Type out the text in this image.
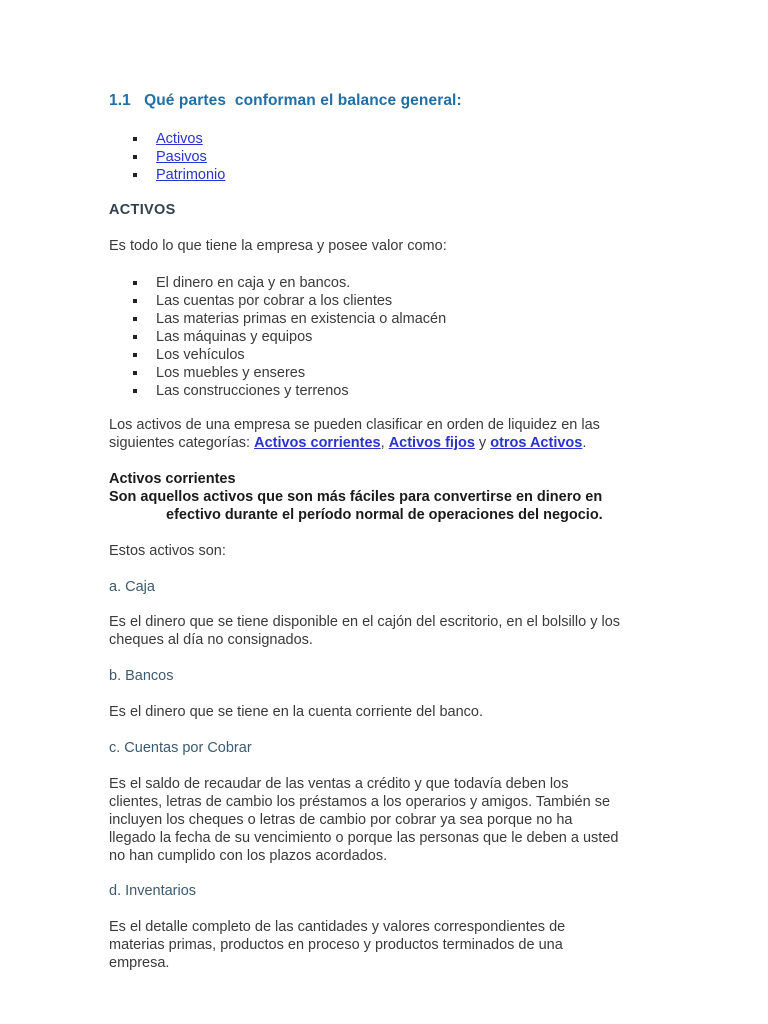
1.1   Qué partes  conforman el balance general:
Activos
Pasivos
Patrimonio
ACTIVOS
Es todo lo que tiene la empresa y posee valor como:
El dinero en caja y en bancos.
Las cuentas por cobrar a los clientes
Las materias primas en existencia o almacén
Las máquinas y equipos
Los vehículos
Los muebles y enseres
Las construcciones y terrenos
Los activos de una empresa se pueden clasificar en orden de liquidez en las
siguientes categorías: Activos corrientes, Activos fijos y otros Activos.
Activos corrientes
Son aquellos activos que son más fáciles para convertirse en dinero en
efectivo durante el período normal de operaciones del negocio.
Estos activos son:
a. Caja
Es el dinero que se tiene disponible en el cajón del escritorio, en el bolsillo y los
cheques al día no consignados.
b. Bancos
Es el dinero que se tiene en la cuenta corriente del banco.
c. Cuentas por Cobrar
Es el saldo de recaudar de las ventas a crédito y que todavía deben los
clientes, letras de cambio los préstamos a los operarios y amigos. También se
incluyen los cheques o letras de cambio por cobrar ya sea porque no ha
llegado la fecha de su vencimiento o porque las personas que le deben a usted
no han cumplido con los plazos acordados.
d. Inventarios
Es el detalle completo de las cantidades y valores correspondientes de
materias primas, productos en proceso y productos terminados de una
empresa.
